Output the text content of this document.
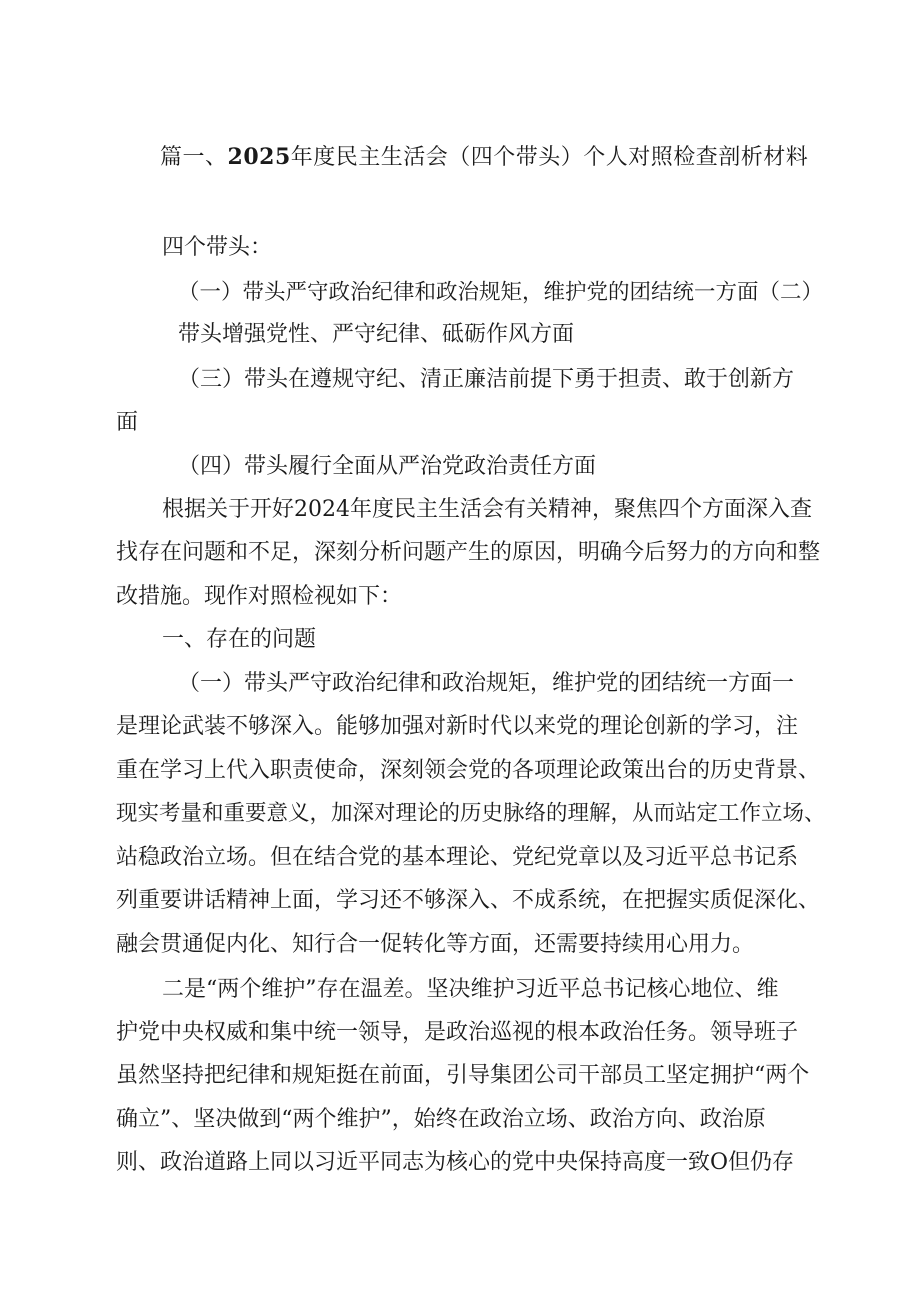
篇一、2025年度民主生活会（四个带头）个人对照检查剖析材料
四个带头：
（一）带头严守政治纪律和政治规矩，维护党的团结统一方面（二）
带头增强党性、严守纪律、砥砺作风方面
（三）带头在遵规守纪、清正廉洁前提下勇于担责、敢于创新方
面
（四）带头履行全面从严治党政治责任方面
根据关于开好2024年度民主生活会有关精神，聚焦四个方面深入查
找存在问题和不足，深刻分析问题产生的原因，明确今后努力的方向和整
改措施。现作对照检视如下：
一、存在的问题
（一）带头严守政治纪律和政治规矩，维护党的团结统一方面一
是理论武装不够深入。能够加强对新时代以来党的理论创新的学习，注
重在学习上代入职责使命，深刻领会党的各项理论政策出台的历史背景、
现实考量和重要意义，加深对理论的历史脉络的理解，从而站定工作立场、
站稳政治立场。但在结合党的基本理论、党纪党章以及习近平总书记系
列重要讲话精神上面，学习还不够深入、不成系统，在把握实质促深化、
融会贯通促内化、知行合一促转化等方面，还需要持续用心用力。
二是“两个维护”存在温差。坚决维护习近平总书记核心地位、维
护党中央权威和集中统一领导，是政治巡视的根本政治任务。领导班子
虽然坚持把纪律和规矩挺在前面，引导集团公司干部员工坚定拥护“两个
确立”、坚决做到“两个维护”，始终在政治立场、政治方向、政治原
则、政治道路上同以习近平同志为核心的党中央保持高度一致O但仍存
